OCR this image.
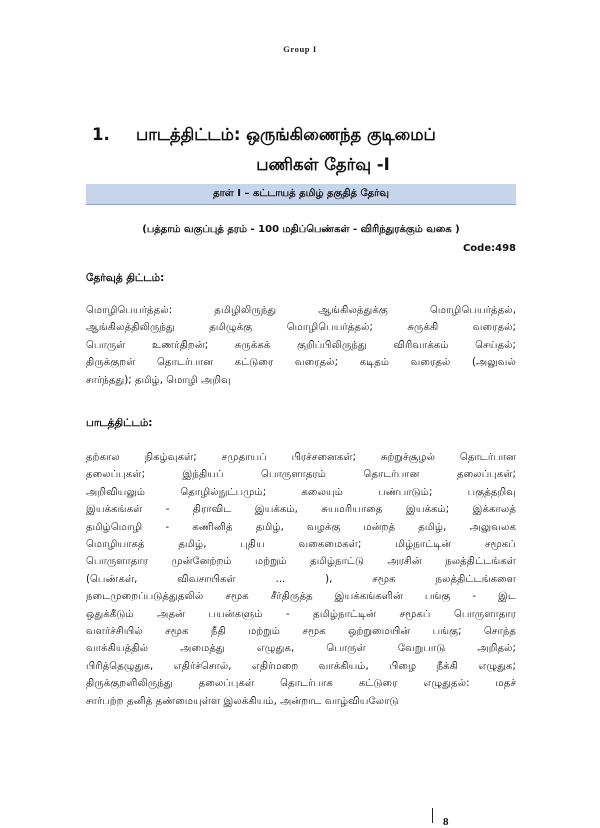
Group I
1.	பாடத்திட்டம்: ஒருங்கிணைந்த குடிமைப்
பணிகள் தேர்வு -I
தாள் I – கட்டாயத் தமிழ் தகுதித் தேர்வு
(பத்தாம் வகுப்புத் தரம் - 100 மதிப்பெண்கள் - விரிந்துரக்கும் வகை )
Code:498
தேர்வுத் திட்டம்:
மொழிபெயர்த்தல்: தமிழிலிருந்து ஆங்கிலத்துக்கு மொழிபெயர்த்தல்,
ஆங்கிலத்திலிருந்து தமிழுக்கு மொழிபெயர்த்தல்; சுருக்கி வரைதல்;
பொருள் உணர்திறன்; சுருக்கக் குறிப்பிலிருந்து விரிவாக்கம் செய்தல்;
திருக்குறள் தொடர்பான கட்டுரை வரைதல்; கடிதம் வரைதல் (அலுவல்
சார்ந்தது); தமிழ், மொழி அறிவு
பாடத்திட்டம்:
தற்கால நிகழ்வுகள்; சமுதாயப் பிரச்சனைகள்; சுற்றுச்சூழல் தொடர்பான
தலைப்புகள்; இந்தியப் பொருளாதரம் தொடர்பான தலைப்புகள்;
அறிவியலும் தொழில்நுட்பமும்; கலையும் பண்பாடும்; பகுத்தறிவு
இயக்கங்கள் - திராவிட இயக்கம், சுயமரியாதை இயக்கம்; இக்காலத்
தமிழ்மொழி - கணினித் தமிழ், வழக்கு மன்றத் தமிழ், அலுவலக
மொழியாகத் தமிழ், புதிய வகைமைகள்; மிழ்நாட்டின் சமூகப்
பொருளாதார முன்னேற்றம் மற்றும் தமிழ்நாட்டு அரசின் நலத்திட்டங்கள்
(பெண்கள், விவசாயிகள் ... ), சமூக நலத்திட்டங்களை
நடைமுறைப்படுத்துதலில் சமூக சீர்திருத்த இயக்கங்களின் பங்கு - இட
ஒதுக்கீடும் அதன் பயன்களும் - தமிழ்நாட்டின் சமூகப் பொருளாதார
வளர்ச்சியில் சமூக நீதி மற்றும் சமூக ஒற்றுமையின் பங்கு; சொந்த
வாக்கியத்தில் அமைத்து எழுதுக, பொருள் வேறுபாடு அறிதல்;
பிரித்தெழுதுக, எதிர்ச்சொல், எதிர்மறை வாக்கியம், பிழை நீக்கி எழுதுக;
திருக்குறளிலிருந்து தலைப்புகள் தொடர்பாக கட்டுரை எழுதுதல்: மதச்
சார்பற்ற தனித் தண்மையுள்ள இலக்கியம், அன்றாட வாழ்வியலோடு
8
